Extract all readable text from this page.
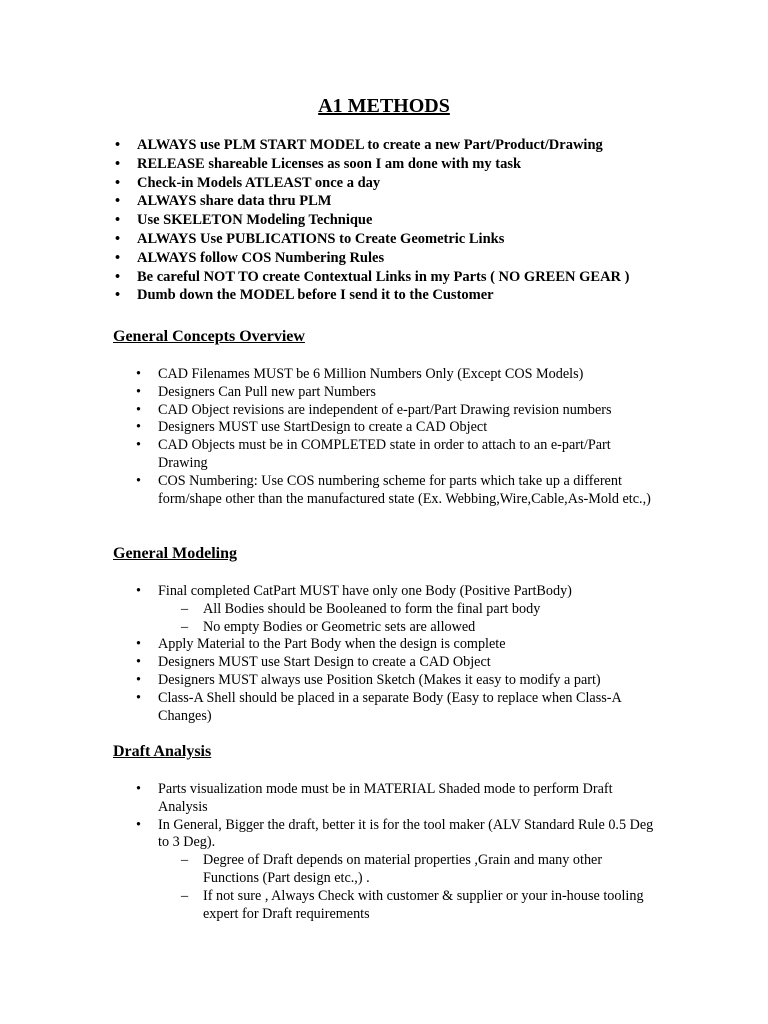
A1 METHODS
• ALWAYS use PLM START MODEL to create a new Part/Product/Drawing
• RELEASE shareable Licenses as soon I am done with my task
• Check-in Models ATLEAST once a day
• ALWAYS share data thru PLM
• Use SKELETON Modeling Technique
• ALWAYS Use PUBLICATIONS to Create Geometric Links
• ALWAYS follow COS Numbering Rules
• Be careful NOT TO create Contextual Links in my Parts ( NO GREEN GEAR )
• Dumb down the MODEL before I send it to the Customer
General Concepts Overview
• CAD Filenames MUST be 6 Million Numbers Only (Except COS Models)
• Designers Can Pull new part Numbers
• CAD Object revisions are independent of e-part/Part Drawing revision numbers
• Designers MUST use StartDesign to create a CAD Object
• CAD Objects must be in COMPLETED state in order to attach to an e-part/Part Drawing
• COS Numbering: Use COS numbering scheme for parts which take up a different form/shape other than the manufactured state (Ex. Webbing,Wire,Cable,As-Mold etc.,)
General Modeling
• Final completed CatPart MUST have only one Body (Positive PartBody)
– All Bodies should be Booleaned to form the final part body
– No empty Bodies or Geometric sets are allowed
• Apply Material to the Part Body when the design is complete
• Designers MUST use Start Design to create a CAD Object
• Designers MUST always use Position Sketch (Makes it easy to modify a part)
• Class-A Shell should be placed in a separate Body (Easy to replace when Class-A Changes)
Draft Analysis
• Parts visualization mode must be in MATERIAL Shaded mode to perform Draft Analysis
• In General, Bigger the draft, better it is for the tool maker (ALV Standard Rule 0.5 Deg to 3 Deg).
– Degree of Draft depends on material properties ,Grain and many other Functions (Part design etc.,) .
– If not sure , Always Check with customer & supplier or your in-house tooling expert for Draft requirements
